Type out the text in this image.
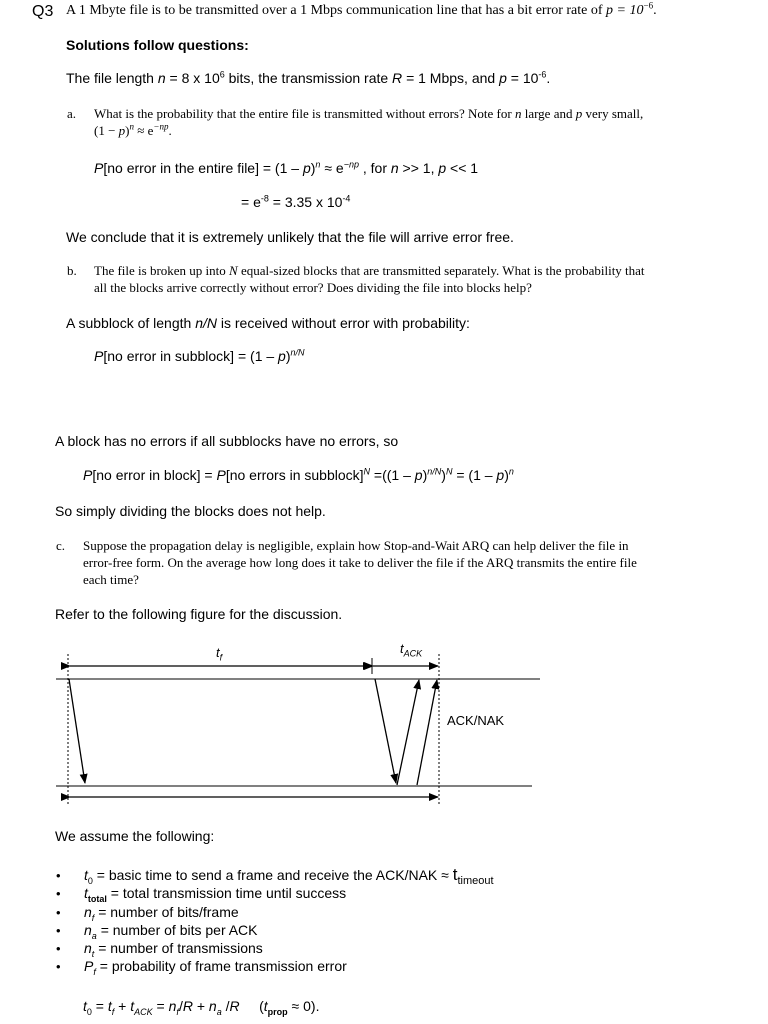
Q3 A 1 Mbyte file is to be transmitted over a 1 Mbps communication line that has a bit error rate of $p = 10^{-6}$.
Solutions follow questions:
The file length n = 8 x $10^6$ bits, the transmission rate R = 1 Mbps, and $p = 10^{-6}$.
a. What is the probability that the entire file is transmitted without errors? Note for n large and p very small,
$(1 - p)^n \approx e^{-np}$.
P[no error in the entire file] = $(1 - p)^n \approx e^{-np}$ , for n >> 1, p << 1
= $e^{-8} = 3.35$ x $10^{-4}$
We conclude that it is extremely unlikely that the file will arrive error free.
b. The file is broken up into N equal-sized blocks that are transmitted separately. What is the probability that
all the blocks arrive correctly without error? Does dividing the file into blocks help?
A subblock of length n/N is received without error with probability:
P[no error in subblock] = (1 – p)$^{n/N}$
A block has no errors if all subblocks have no errors, so
P[no error in block] = P[no errors in subblock]$^N$ =((1 – p)$^{n/N}$)$^N$ = (1 – p)$^n$
So simply dividing the blocks does not help.
c. Suppose the propagation delay is negligible, explain how Stop-and-Wait ARQ can help deliver the file in
error-free form. On the average how long does it take to deliver the file if the ARQ transmits the entire file
each time?
Refer to the following figure for the discussion.
$t_f$
$t_{ACK}$
ACK/NAK
We assume the following:
• $t_0$ = basic time to send a frame and receive the $ACK/NAK \approx t_{timeout}$
• $t_{total}$ = total transmission time until success
• $n_f$ = number of bits/frame
• $n_a$ = number of bits per ACK
• $n_t$ = number of transmissions
• $P_f$ = probability of frame transmission error
$t_0 = t_f + t_{ACK} = n_f/R + n_a$ /R     $(t_{prop} \approx 0)$.
